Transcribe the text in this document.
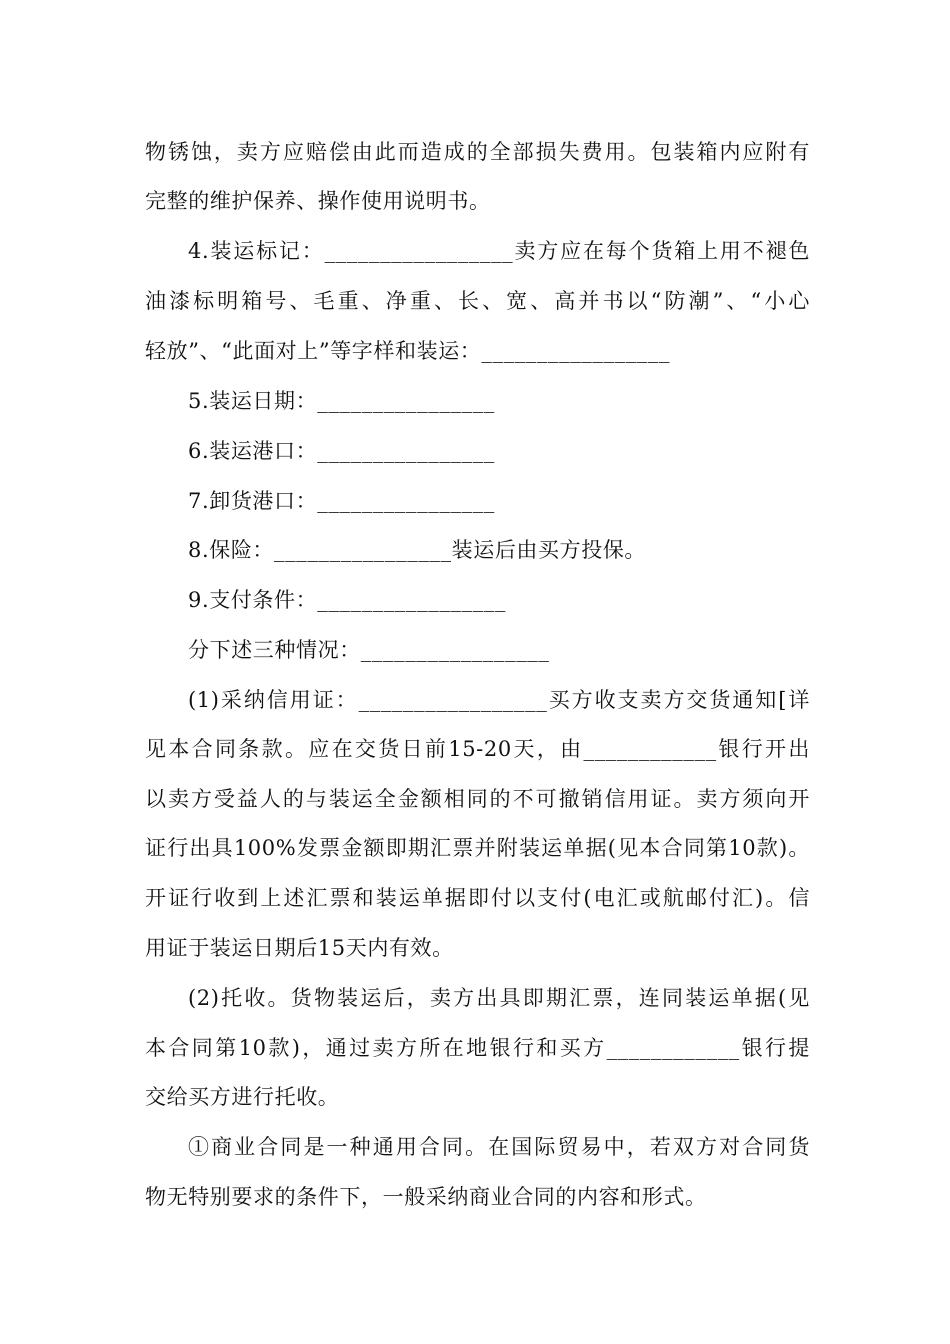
物锈蚀，卖方应赔偿由此而造成的全部损失费用。包装箱内应附有
完整的维护保养、操作使用说明书。
4.装运标记：_________________卖方应在每个货箱上用不褪色
油漆标明箱号、毛重、净重、长、宽、高并书以“防潮”、“小心
轻放”、“此面对上”等字样和装运：_________________
5.装运日期：________________
6.装运港口：________________
7.卸货港口：________________
8.保险：________________装运后由买方投保。
9.支付条件：_________________
分下述三种情况：_________________
(1)采纳信用证：_________________买方收支卖方交货通知[详
见本合同条款。应在交货日前15-20天，由____________银行开出
以卖方受益人的与装运全金额相同的不可撤销信用证。卖方须向开
证行出具100%发票金额即期汇票并附装运单据(见本合同第10款)。
开证行收到上述汇票和装运单据即付以支付(电汇或航邮付汇)。信
用证于装运日期后15天内有效。
(2)托收。货物装运后，卖方出具即期汇票，连同装运单据(见
本合同第10款)，通过卖方所在地银行和买方____________银行提
交给买方进行托收。
①商业合同是一种通用合同。在国际贸易中，若双方对合同货
物无特别要求的条件下，一般采纳商业合同的内容和形式。
